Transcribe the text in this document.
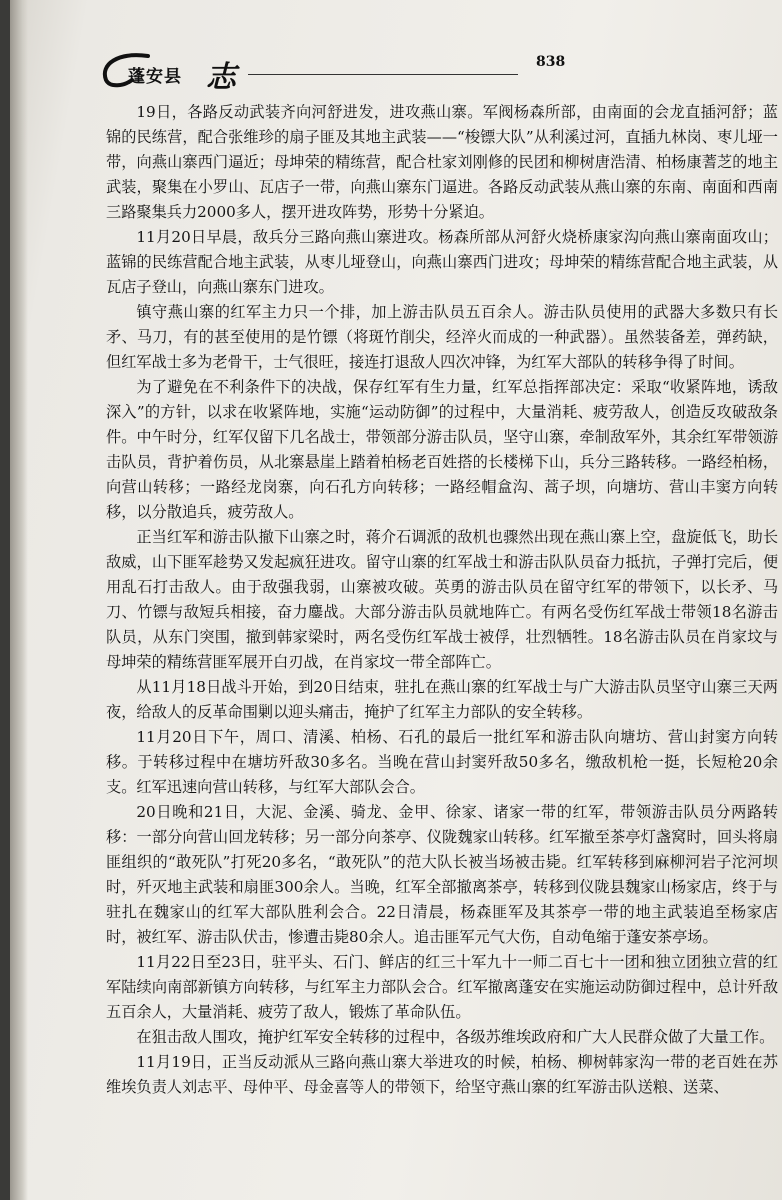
蓬安县 志	838

19日，各路反动武装齐向河舒进发，进攻燕山寨。军阀杨森所部，由南面的会龙直插河舒；蓝锦的民练营，配合张维珍的扇子匪及其地主武装——“梭镖大队”从利溪过河，直插九林岗、枣儿垭一带，向燕山寨西门逼近；母坤荣的精练营，配合杜家刘刚修的民团和柳树唐浩清、柏杨康蓍芝的地主武装，聚集在小罗山、瓦店子一带，向燕山寨东门逼进。各路反动武装从燕山寨的东南、南面和西南三路聚集兵力2000多人，摆开进攻阵势，形势十分紧迫。

11月20日早晨，敌兵分三路向燕山寨进攻。杨森所部从河舒火烧桥康家沟向燕山寨南面攻山；蓝锦的民练营配合地主武装，从枣儿垭登山，向燕山寨西门进攻；母坤荣的精练营配合地主武装，从瓦店子登山，向燕山寨东门进攻。

镇守燕山寨的红军主力只一个排，加上游击队员五百余人。游击队员使用的武器大多数只有长矛、马刀，有的甚至使用的是竹镖（将斑竹削尖，经淬火而成的一种武器）。虽然装备差，弹药缺，但红军战士多为老骨干，士气很旺，接连打退敌人四次冲锋，为红军大部队的转移争得了时间。

为了避免在不利条件下的决战，保存红军有生力量，红军总指挥部决定：采取“收紧阵地，诱敌深入”的方针，以求在收紧阵地，实施“运动防御”的过程中，大量消耗、疲劳敌人，创造反攻破敌条件。中午时分，红军仅留下几名战士，带领部分游击队员，坚守山寨，牵制敌军外，其余红军带领游击队员，背护着伤员，从北寨悬崖上踏着柏杨老百姓搭的长楼梯下山，兵分三路转移。一路经柏杨，向营山转移；一路经龙岗寨，向石孔方向转移；一路经帽盒沟、蒿子坝，向塘坊、营山丰窦方向转移，以分散追兵，疲劳敌人。

正当红军和游击队撤下山寨之时，蒋介石调派的敌机也骤然出现在燕山寨上空，盘旋低飞，助长敌威，山下匪军趁势又发起疯狂进攻。留守山寨的红军战士和游击队队员奋力抵抗，子弹打完后，便用乱石打击敌人。由于敌强我弱，山寨被攻破。英勇的游击队员在留守红军的带领下，以长矛、马刀、竹镖与敌短兵相接，奋力鏖战。大部分游击队员就地阵亡。有两名受伤红军战士带领18名游击队员，从东门突围，撤到韩家梁时，两名受伤红军战士被俘，壮烈牺牲。18名游击队员在肖家坟与母坤荣的精练营匪军展开白刃战，在肖家坟一带全部阵亡。

从11月18日战斗开始，到20日结束，驻扎在燕山寨的红军战士与广大游击队员坚守山寨三天两夜，给敌人的反革命围剿以迎头痛击，掩护了红军主力部队的安全转移。

11月20日下午，周口、清溪、柏杨、石孔的最后一批红军和游击队向塘坊、营山封窦方向转移。于转移过程中在塘坊歼敌30多名。当晚在营山封窦歼敌50多名，缴敌机枪一挺，长短枪20余支。红军迅速向营山转移，与红军大部队会合。

20日晚和21日，大泥、金溪、骑龙、金甲、徐家、诸家一带的红军，带领游击队员分两路转移：一部分向营山回龙转移；另一部分向茶亭、仪陇魏家山转移。红军撤至茶亭灯盏窝时，回头将扇匪组织的“敢死队”打死20多名，“敢死队”的范大队长被当场被击毙。红军转移到麻柳河岩子沱河坝时，歼灭地主武装和扇匪300余人。当晚，红军全部撤离茶亭，转移到仪陇县魏家山杨家店，终于与驻扎在魏家山的红军大部队胜利会合。22日清晨，杨森匪军及其茶亭一带的地主武装追至杨家店时，被红军、游击队伏击，惨遭击毙80余人。追击匪军元气大伤，自动龟缩于蓬安茶亭场。

11月22日至23日，驻平头、石门、鲜店的红三十军九十一师二百七十一团和独立团独立营的红军陆续向南部新镇方向转移，与红军主力部队会合。红军撤离蓬安在实施运动防御过程中，总计歼敌五百余人，大量消耗、疲劳了敌人，锻炼了革命队伍。

在狙击敌人围攻，掩护红军安全转移的过程中，各级苏维埃政府和广大人民群众做了大量工作。

11月19日，正当反动派从三路向燕山寨大举进攻的时候，柏杨、柳树韩家沟一带的老百姓在苏维埃负责人刘志平、母仲平、母金喜等人的带领下，给坚守燕山寨的红军游击队送粮、送菜、
